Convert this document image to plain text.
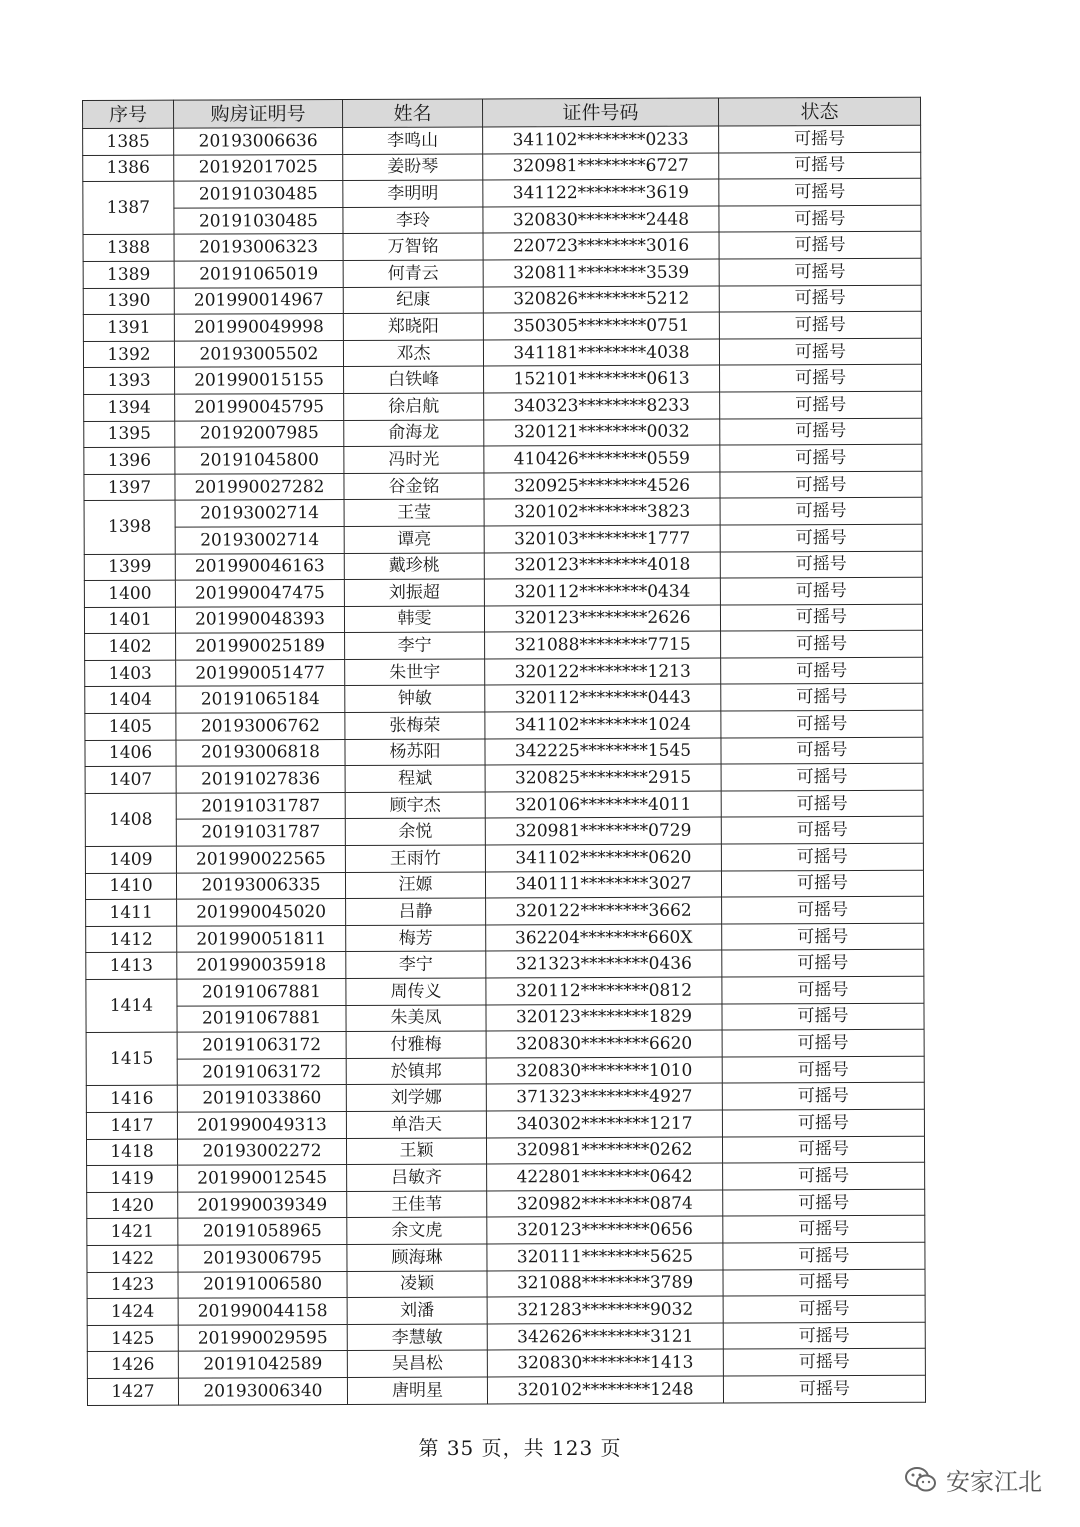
序号	购房证明号	姓名	证件号码	状态
1385	20193006636	李鸣山	341102********0233	可摇号
1386	20192017025	姜盼琴	320981********6727	可摇号
1387	20191030485	李明明	341122********3619	可摇号
	20191030485	李玲	320830********2448	可摇号
1388	20193006323	万智铭	220723********3016	可摇号
1389	20191065019	何青云	320811********3539	可摇号
1390	201990014967	纪康	320826********5212	可摇号
1391	201990049998	郑晓阳	350305********0751	可摇号
1392	20193005502	邓杰	341181********4038	可摇号
1393	201990015155	白铁峰	152101********0613	可摇号
1394	201990045795	徐启航	340323********8233	可摇号
1395	20192007985	俞海龙	320121********0032	可摇号
1396	20191045800	冯时光	410426********0559	可摇号
1397	201990027282	谷金铭	320925********4526	可摇号
1398	20193002714	王莹	320102********3823	可摇号
	20193002714	谭亮	320103********1777	可摇号
1399	201990046163	戴珍桃	320123********4018	可摇号
1400	201990047475	刘振超	320112********0434	可摇号
1401	201990048393	韩雯	320123********2626	可摇号
1402	201990025189	李宁	321088********7715	可摇号
1403	201990051477	朱世宇	320122********1213	可摇号
1404	20191065184	钟敏	320112********0443	可摇号
1405	20193006762	张梅荣	341102********1024	可摇号
1406	20193006818	杨苏阳	342225********1545	可摇号
1407	20191027836	程斌	320825********2915	可摇号
1408	20191031787	顾宇杰	320106********4011	可摇号
	20191031787	余悦	320981********0729	可摇号
1409	201990022565	王雨竹	341102********0620	可摇号
1410	20193006335	汪嫄	340111********3027	可摇号
1411	201990045020	吕静	320122********3662	可摇号
1412	201990051811	梅芳	362204********660X	可摇号
1413	201990035918	李宁	321323********0436	可摇号
1414	20191067881	周传义	320112********0812	可摇号
	20191067881	朱美凤	320123********1829	可摇号
1415	20191063172	付雅梅	320830********6620	可摇号
	20191063172	於镇邦	320830********1010	可摇号
1416	20191033860	刘学娜	371323********4927	可摇号
1417	201990049313	单浩天	340302********1217	可摇号
1418	20193002272	王颖	320981********0262	可摇号
1419	201990012545	吕敏齐	422801********0642	可摇号
1420	201990039349	王佳苇	320982********0874	可摇号
1421	20191058965	余文虎	320123********0656	可摇号
1422	20193006795	顾海琳	320111********5625	可摇号
1423	20191006580	凌颖	321088********3789	可摇号
1424	201990044158	刘潘	321283********9032	可摇号
1425	201990029595	李慧敏	342626********3121	可摇号
1426	20191042589	吴昌松	320830********1413	可摇号
1427	20193006340	唐明星	320102********1248	可摇号
第 35 页，共 123 页
安家江北
